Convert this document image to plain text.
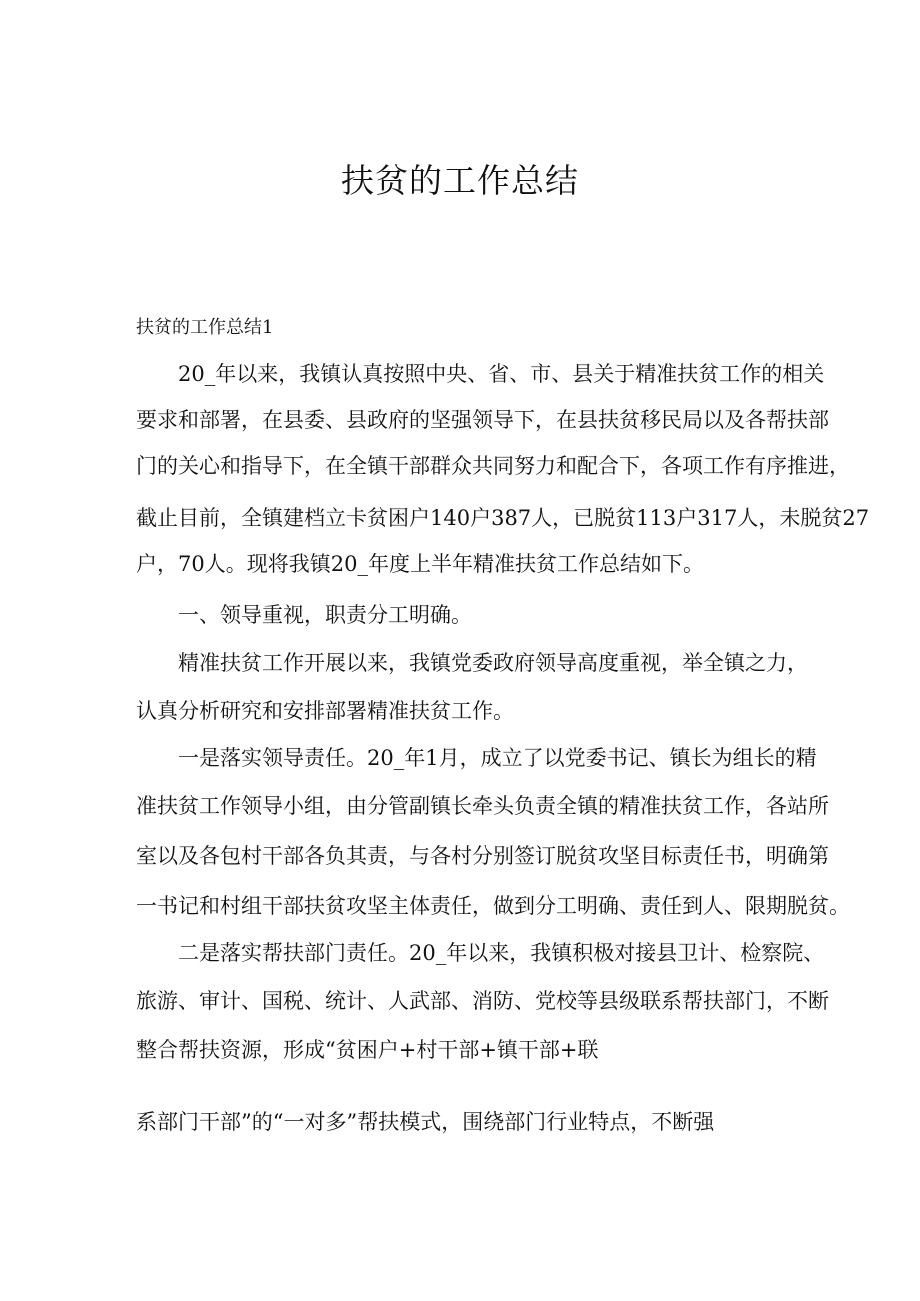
扶贫的工作总结
扶贫的工作总结1
20_年以来，我镇认真按照中央、省、市、县关于精准扶贫工作的相关
要求和部署，在县委、县政府的坚强领导下，在县扶贫移民局以及各帮扶部
门的关心和指导下，在全镇干部群众共同努力和配合下，各项工作有序推进，
截止目前，全镇建档立卡贫困户140户387人，已脱贫113户317人，未脱贫27
户，70人。现将我镇20_年度上半年精准扶贫工作总结如下。
一、领导重视，职责分工明确。
精准扶贫工作开展以来，我镇党委政府领导高度重视，举全镇之力，
认真分析研究和安排部署精准扶贫工作。
一是落实领导责任。20_年1月，成立了以党委书记、镇长为组长的精
准扶贫工作领导小组，由分管副镇长牵头负责全镇的精准扶贫工作，各站所
室以及各包村干部各负其责，与各村分别签订脱贫攻坚目标责任书，明确第
一书记和村组干部扶贫攻坚主体责任，做到分工明确、责任到人、限期脱贫。
二是落实帮扶部门责任。20_年以来，我镇积极对接县卫计、检察院、
旅游、审计、国税、统计、人武部、消防、党校等县级联系帮扶部门，不断
整合帮扶资源，形成“贫困户+村干部+镇干部+联
系部门干部”的“一对多”帮扶模式，围绕部门行业特点，不断强
